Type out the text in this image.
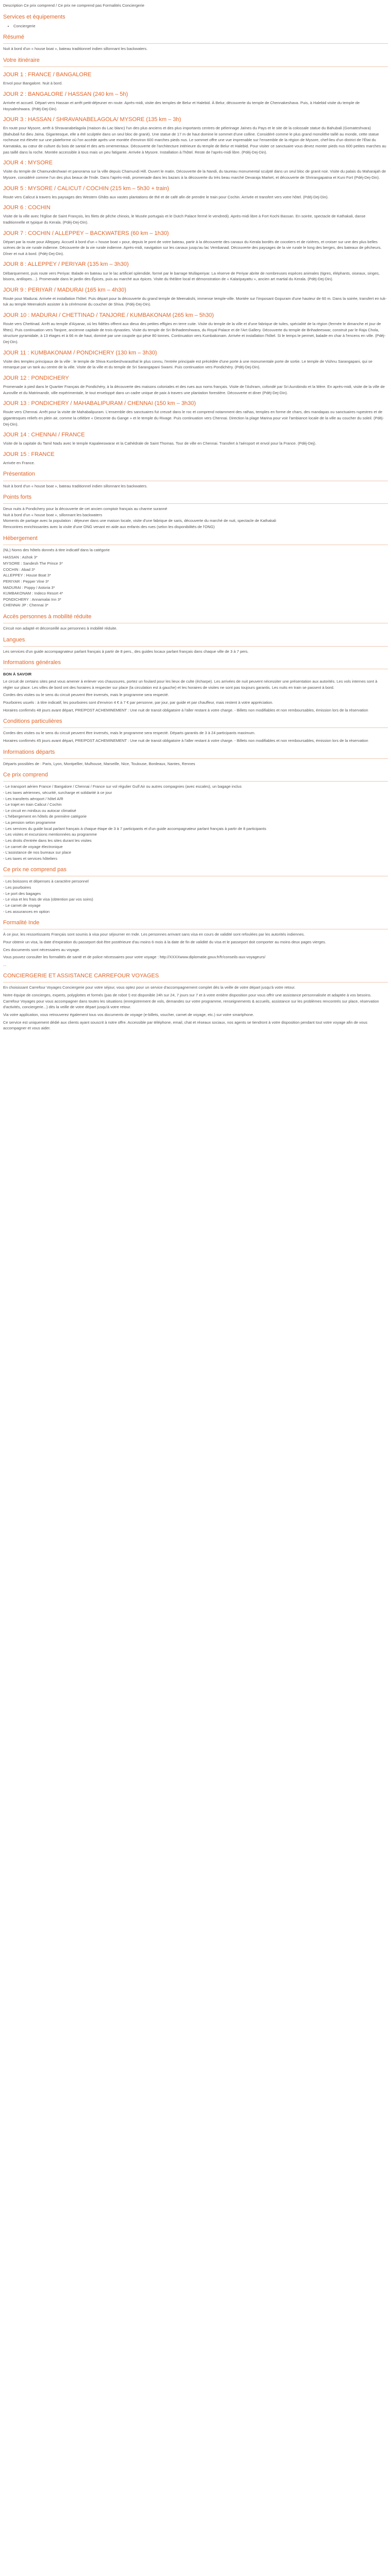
Description Ce prix comprend / Ce prix ne comprend pas Formalités Conciergerie
Services et équipements
• Conciergerie
Résumé

Nuit à bord d'un « house boat », bateau traditionnel indien sillonnant les backwaters.

Votre itinéraire
JOUR 1 : FRANCE / BANGALORE

Envol pour Bangalore. Nuit à bord.

JOUR 2 : BANGALORE / HASSAN (240 km – 5h)

Arrivée et accueil. Départ vers Hassan et arrêt petit-déjeuner en route. Après-midi, visite des temples de Belur et Halebid. À Belur, découverte du temple de Chennakeshava. Puis, à Halebid visite du temple de Hoysaleshwara. (Pdéj-Dej-Din).

JOUR 3 : HASSAN / SHRAVANABELAGOLA/ MYSORE (135 km – 3h)

En route pour Mysore, arrêt à Shravanabelagola (maison du Lac blanc) l'un des plus anciens et des plus importants centres de pèlerinage Jaïnes du Pays et le site de la colossale statue du Bahubali (Gomateshvara) (Bahubali fut dieu Jaïna. Gigantesque, elle a été sculptée dans un seul bloc de granit). Une statue de 17 m de haut domine le sommet d'une colline. Considéré comme le plus grand monolithe taillé au monde, cette statue rocheuse est élevée sur une plateforme où l'on accède après une montée d'environ 600 marches pieds nus. Le sommet offre une vue imprenable sur l'ensemble de la région de Mysore, chef-lieu d'un district de l'État du Karnataka, au cœur de culture du bois de santal et des arts ornementaux. Découverte de l'architecture intérieure du temple de Belur et Halebid. Pour visiter ce sanctuaire vous devez monter pieds nus 600 petites marches au pas taillé dans la roche. Montée accessible à tous mais un peu fatigante. Arrivée à Mysore. Installation à l'hôtel. Reste de l'après-midi libre. (Pdéj-Dej-Din).

JOUR 4 : MYSORE

Visite du temple de Chamundeshwari et panorama sur la ville depuis Chamundi Hill. Ouvert le matin. Découverte de la Nandi, du taureau monumental sculpté dans un seul bloc de granit noir. Visite du palais du Maharajah de Mysore, considéré comme l'un des plus beaux de l'Inde. Dans l'après-midi, promenade dans les bazars à la découverte du très beau marché Devaraja Market, et découverte de Shrirangapatna et Kuni Fort (Pdéj-Dej-Din).

JOUR 5 : MYSORE / CALICUT / COCHIN (215 km – 5h30 + train)

Route vers Calicut à travers les paysages des Western Ghâts aux vastes plantations de thé et de café afin de prendre le train pour Cochin. Arrivée et transfert vers votre hôtel. (Pdéj-Dej-Din).

JOUR 6 : COCHIN

Visite de la ville avec l'église de Saint François, les filets de pêche chinois, le Musée portugais et le Dutch Palace fermé le vendredi). Après-midi libre à Fort Kochi Bassan. En soirée, spectacle de Kathakali, danse traditionnelle et typique du Kerala. (Pdéj-Dej-Din).

JOUR 7 : COCHIN / ALLEPPEY – BACKWATERS (60 km – 1h30)

Départ par la route pour Alleppey. Accueil à bord d'un « house boat » pour, depuis le pont de votre bateau, partir à la découverte des canaux du Kerala bordés de cocotiers et de rizières, et croiser sur une des plus belles scènes de la vie rurale indienne. Découverte de la vie rurale indienne. Après-midi, navigation sur les canaux jusqu'au lac Vembanad. Découverte des paysages de la vie rurale le long des berges, des bateaux de pêcheurs. Dîner et nuit à bord. (Pdéj-Dej-Din).

JOUR 8 : ALLEPPEY / PERIYAR (135 km – 3h30)

Débarquement, puis route vers Periyar. Balade en bateau sur le lac artificiel splendide, formé par le barrage Mullaperiyar. La réserve de Periyar abrite de nombreuses espèces animales (tigres, éléphants, oiseaux, singes, bisons, antilopes…). Promenade dans le jardin des Épices, puis au marché aux épices. Visite du théâtre local et démonstration de « Kalaripayattu », ancien art martial du Kerala. (Pdéj-Dej-Din).

JOUR 9 : PERIYAR / MADURAI (165 km – 4h30)

Route pour Madurai. Arrivée et installation l'hôtel. Puis départ pour la découverte du grand temple de Meenakshi, immense temple-ville. Montée sur l'imposant Gopuram d'une hauteur de 60 m. Dans la soirée, transfert en tuk-tuk au temple Meenakshi assister à la cérémonie du coucher de Shiva. (Pdéj-Dej-Din).

JOUR 10 : MADURAI / CHETTINAD / TANJORE / KUMBAKONAM (265 km – 5h30)

Route vers Chettinad. Arrêt au temple d'Aiyanar, où les fidèles offrent aux dieux des petites effigies en terre cuite. Visite du temple de la ville et d'une fabrique de tuiles, spécialité de la région (fermée le dimanche et jour de fêtes). Puis continuation vers Tanjore, ancienne capitale de trois dynasties. Visite du temple de Sri Brihadeeshwara, du Royal Palace et de l'Art Gallery. Découverte du temple de Brihadeeswar, construit par le Raja Chola, structure pyramidale, à 13 étages et à 66 m de haut, dominé par une coupole qui pèse 80 tonnes. Continuation vers Kumbakonam. Arrivée et installation l'hôtel. Si le temps le permet, balade en char à l'encens en ville. (Pdéj-Dej-Din).

JOUR 11 : KUMBAKONAM / PONDICHERY (130 km – 3h30)

Visite des temples principaux de la ville : le temple de Shiva Kumbeshvarasthal le plus connu, l'entrée principale est précédée d'une porte à une monumentale porte de sortie. Le temple de Vishnu Sarangapani, qui se remarque par un tank au centre de la ville. Visite de la ville et du temple de Sri Sarangapani Swami. Puis continuation vers Pondichéry. (Pdéj-Dej-Din).

JOUR 12 : PONDICHERY

Promenade à pied dans le Quartier Français de Pondichéry, à la découverte des maisons coloniales et des rues aux noms français. Visite de l'Ashram, cofondé par Sri Aurobindo et la Mère. En après-midi, visite de la ville de Auroville et du Matrimandir, ville expérimentale, le tout enveloppé dans un cadre unique de paix à travers une plantation forestière. Découverte et diner (Pdéj-Dej-Din).

JOUR 13 : PONDICHERY / MAHABALIPURAM / CHENNAI (150 km – 3h30)

Route vers Chennai. Arrêt pour la visite de Mahabalipuram. L'ensemble des sanctuaires fut creusé dans le roc et comprend notamment des rathas, temples en forme de chars, des mandapas ou sanctuaires rupestres et de gigantesques reliefs en plein air, comme la célèbre « Descente du Gange » et le temple du Rivage. Puis continuation vers Chennai. Direction la plage Marina pour voir l'ambiance locale de la ville au coucher du soleil. (Pdéj-Dej-Din).

JOUR 14 : CHENNAI / FRANCE

Visite de la capitale du Tamil Nadu avec le temple Kapaleeswarar et la Cathédrale de Saint Thomas. Tour de ville en Chennai. Transfert à l'aéroport et envol pour la France. (Pdéj-Dej).

JOUR 15 : FRANCE

Arrivée en France.

Présentation

Nuit à bord d'un « house boat », bateau traditionnel indien sillonnant les backwaters.

Points forts
Deux nuits à Pondichery pour la découverte de cet ancien comptoir français au charme suranné
Nuit à bord d'un « house boat », sillonnant les backwaters
Moments de partage avec la population : déjeuner dans une maison locale, visite d'une fabrique de saris, découverte du marché de nuit, spectacle de Kathakali
Rencontres enrichissantes avec la visite d'une ONG venant en aide aux enfants des rues (selon les disponibilités de l'ONG)
Hébergement

(NL) Noms des hôtels donnés à titre indicatif dans la catégorie

HASSAN : Ashok 3*
MYSORE : Sandesh The Prince 3*
COCHIN : Abad 3*
ALLEPPEY : House Boat 3*
PERIYAR : Pepper Vine 3*
MADURAI : Poppy / Astoria 3*
KUMBAKONAM : Indeco Resort 4*
PONDICHERY : Annamalai Inn 3*
CHENNAI JP : Chennai 3*
Accès personnes à mobilité réduite

Circuit non adapté et déconseillé aux personnes à mobilité réduite.

Langues

Les services d'un guide accompagnateur parlant français à partir de 8 pers., des guides locaux parlant français dans chaque ville de 3 à 7 pers.

Informations générales
BON À SAVOIR

Le circuit de certains sites peut vous amener à enlever vos chaussures, portez un foulard pour les lieux de culte (écharpe). Les arrivées de nuit peuvent nécessiter une présentation aux autorités. Les vols internes sont à régler sur place. Les villes de bord ont des horaires à respecter sur place (la circulation est à gauche) et les horaires de visites ne sont pas toujours garantis. Les nuits en train se passent à bord.

Cordes des visites ou le sens du circuit peuvent être inversés, mais le programme sera respecté.

Pourboires usuels : à titre indicatif, les pourboires sont d'environ 4 € à 7 € par personne, par jour, par guide et par chauffeur, mais restent à votre appréciation.

Horaires confirmés 48 jours avant départ, PRE/POST ACHEMINEMENT : Une nuit de transit obligatoire à l'aller restant à votre charge. - Billets non modifiables et non remboursables, émission lors de la réservation

Conditions particulières

Cordes des visites ou le sens du circuit peuvent être inversés, mais le programme sera respecté. Départs garantis de 3 à 24 participants maximum.

Horaires confirmés 45 jours avant départ, PRE/POST ACHEMINEMENT : Une nuit de transit obligatoire à l'aller restant à votre charge. - Billets non modifiables et non remboursables, émission lors de la réservation

Informations départs

Départs possibles de : Paris, Lyon, Montpellier, Mulhouse, Marseille, Nice, Toulouse, Bordeaux, Nantes, Rennes

Ce prix comprend
- Le transport aérien France / Bangalore / Chennai / France sur vol régulier Gulf Air ou autres compagnies (avec escales), un bagage inclus
- Les taxes aériennes, sécurité, surcharge et solidarité à ce jour
- Les transferts aéroport / hôtel A/R
- Le trajet en train Calicut / Cochin
- Le circuit en minibus ou autocar climatisé
- L'hébergement en hôtels de première catégorie
- La pension selon programme
- Les services du guide local parlant français à chaque étape de 3 à 7 participants et d'un guide accompagnateur parlant français à partir de 8 participants
- Les visites et excursions mentionnées au programme
- Les droits d'entrée dans les sites durant les visites
- Le carnet de voyage électronique
- L'assistance de nos bureaux sur place
- Les taxes et services hôteliers
Ce prix ne comprend pas
- Les boissons et dépenses à caractère personnel
- Les pourboires
- Le port des bagages
- Le visa et les frais de visa (obtention par vos soins)
- Le carnet de voyage
- Les assurances en option
Formalité Inde

À ce jour, les ressortissants Français sont soumis à visa pour séjourner en Inde. Les personnes arrivant sans visa en cours de validité sont refoulées par les autorités indiennes.

Pour obtenir un visa, la date d'expiration du passeport doit être postérieure d'au moins 6 mois à la date de fin de validité du visa et le passeport doit comporter au moins deux pages vierges.

Ces documents sont nécessaires au voyage.

Vous pouvez consulter les formalités de santé et de police nécessaires pour votre voyage : http://XXXXwww.diplomatie.gouv.fr/fr/conseils-aux-voyageurs/

...

CONCIERGERIE ET ASSISTANCE CARREFOUR VOYAGES

En choisissant Carrefour Voyages Conciergerie pour votre séjour, vous optez pour un service d'accompagnement complet dès la veille de votre départ jusqu'à votre retour.

Notre équipe de concierges, experts, polyglottes et formés (pas de robot !) est disponible 24h sur 24, 7 jours sur 7 et à votre entière disposition pour vous offrir une assistance personnalisée et adaptée à vos besoins. Carrefour Voyages pour vous accompagner dans toutes les situations (enregistrement de vols, demandes sur votre programme, renseignements & accueils, assistance sur les problèmes rencontrés sur place, réservation d'activités, conciergerie...) dès la veille de votre départ jusqu'à votre retour.

Via votre application, vous retrouverez également tous vos documents de voyage (e-billets, voucher, carnet de voyage, etc.) sur votre smartphone.

Ce service est uniquement dédié aux clients ayant souscrit à notre offre. Accessible par téléphone, email, chat et réseaux sociaux, nos agents se tiendront à votre disposition pendant tout votre voyage afin de vous accompagner et vous aider.
